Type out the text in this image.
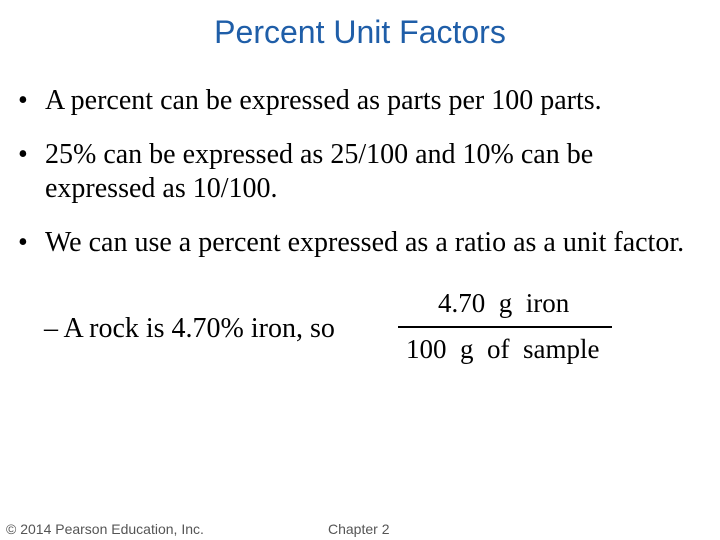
Percent Unit Factors
• A percent can be expressed as parts per 100 parts.
• 25% can be expressed as 25/100 and 10% can be expressed as 10/100.
• We can use a percent expressed as a ratio as a unit factor.
– A rock is 4.70% iron, so
4.70  g  iron
100  g  of  sample
© 2014 Pearson Education, Inc.	Chapter 2
